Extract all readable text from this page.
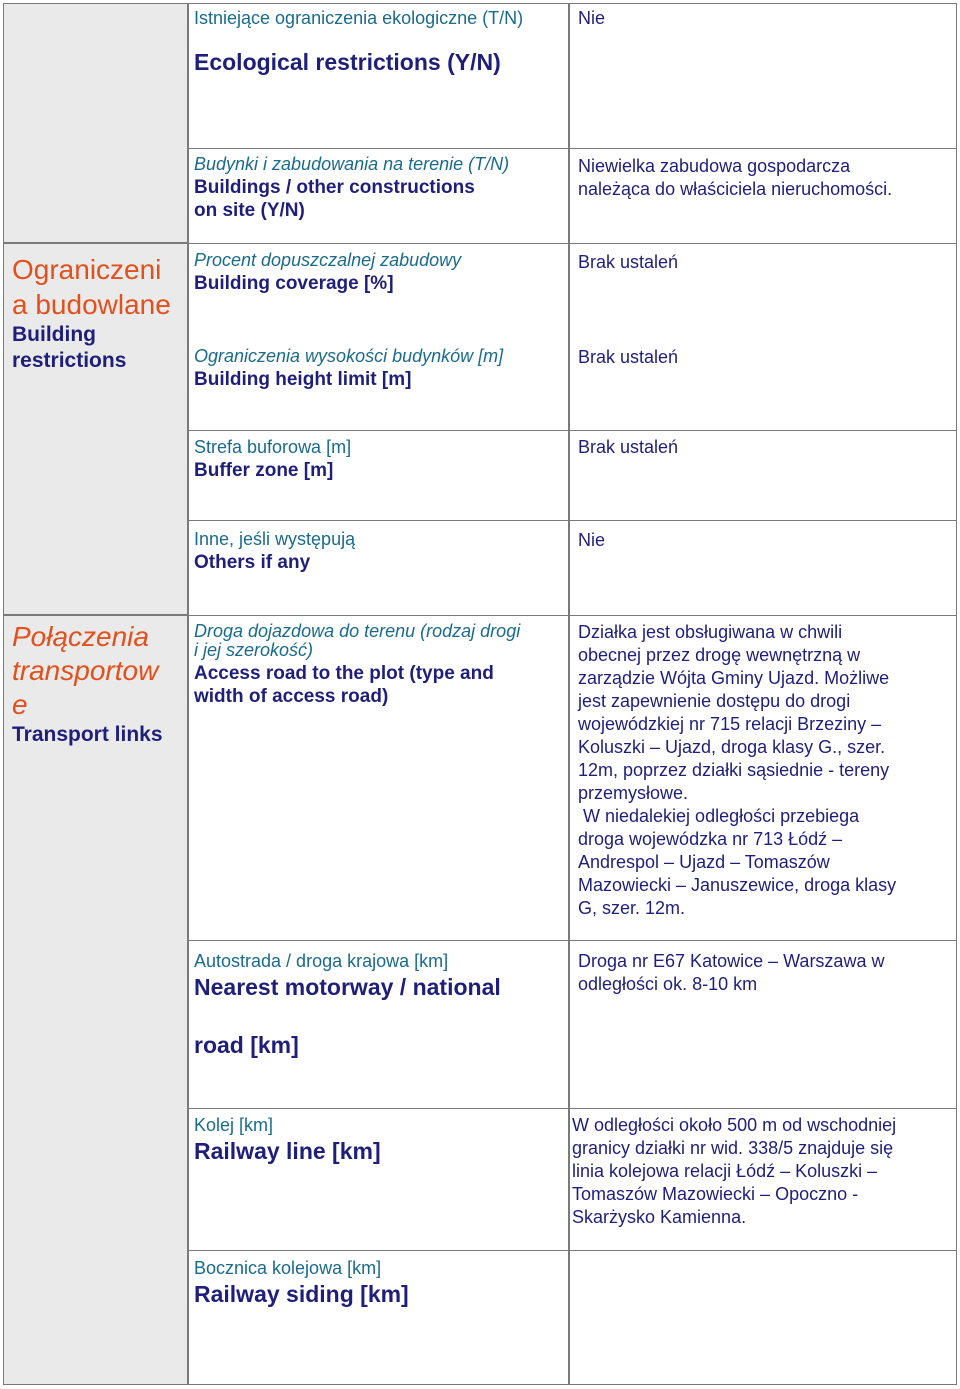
Ograniczeni
a budowlane
Building
restrictions
Połączenia
transportow
e
Transport links
Istniejące ograniczenia ekologiczne (T/N)
Ecological restrictions (Y/N)
Nie
Budynki i zabudowania na terenie (T/N)
Buildings / other constructions
on site (Y/N)
Niewielka zabudowa gospodarcza
należąca do właściciela nieruchomości.
Procent dopuszczalnej zabudowy
Building coverage [%]
Brak ustaleń
Ograniczenia wysokości budynków [m]
Building height limit [m]
Brak ustaleń
Strefa buforowa [m]
Buffer zone [m]
Brak ustaleń
Inne, jeśli występują
Others if any
Nie
Droga dojazdowa do terenu (rodzaj drogi
i jej szerokość)
Access road to the plot (type and
width of access road)
Działka jest obsługiwana w chwili
obecnej przez drogę wewnętrzną w
zarządzie Wójta Gminy Ujazd. Możliwe
jest zapewnienie dostępu do drogi
wojewódzkiej nr 715 relacji Brzeziny –
Koluszki – Ujazd, droga klasy G., szer.
12m, poprzez działki sąsiednie - tereny
przemysłowe.
W niedalekiej odległości przebiega
droga wojewódzka nr 713 Łódź –
Andrespol – Ujazd – Tomaszów
Mazowiecki – Januszewice, droga klasy
G, szer. 12m.
Autostrada / droga krajowa [km]
Nearest motorway / national
road [km]
Droga nr E67 Katowice – Warszawa w
odległości ok. 8-10 km
Kolej [km]
Railway line [km]
W odległości około 500 m od wschodniej
granicy działki nr wid. 338/5 znajduje się
linia kolejowa relacji Łódź – Koluszki –
Tomaszów Mazowiecki – Opoczno -
Skarżysko Kamienna.
Bocznica kolejowa [km]
Railway siding [km]
